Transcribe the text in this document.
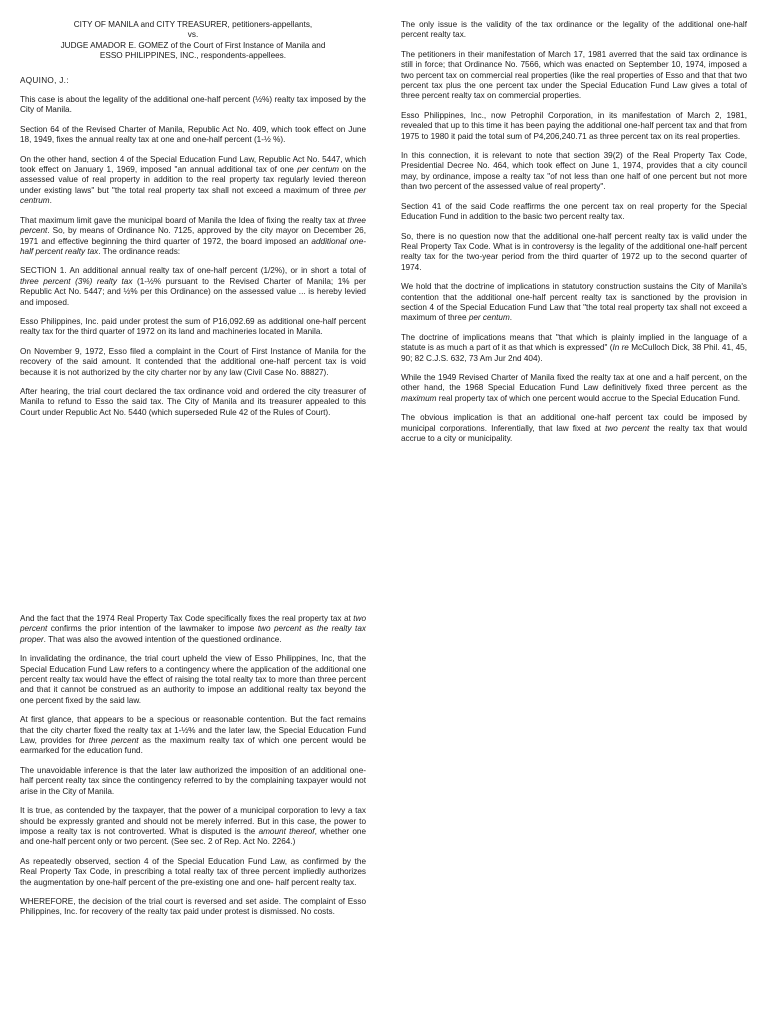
CITY OF MANILA and CITY TREASURER, petitioners-appellants,
vs.
JUDGE AMADOR E. GOMEZ of the Court of First Instance of Manila and
ESSO PHILIPPINES, INC., respondents-appellees.

AQUINO, J.:

This case is about the legality of the additional one-half percent (½%) realty tax imposed by the City of Manila.

Section 64 of the Revised Charter of Manila, Republic Act No. 409, which took effect on June 18, 1949, fixes the annual realty tax at one and one-half percent (1-½ %).

On the other hand, section 4 of the Special Education Fund Law, Republic Act No. 5447, which took effect on January 1, 1969, imposed "an annual additional tax of one per centum on the assessed value of real property in addition to the real property tax regularly levied thereon under existing laws" but "the total real property tax shall not exceed a maximum of three per centrum.

That maximum limit gave the municipal board of Manila the Idea of fixing the realty tax at three percent. So, by means of Ordinance No. 7125, approved by the city mayor on December 26, 1971 and effective beginning the third quarter of 1972, the board imposed an additional one-half percent realty tax. The ordinance reads:

SECTION 1. An additional annual realty tax of one-half percent (1/2%), or in short a total of three percent (3%) realty tax (1-½% pursuant to the Revised Charter of Manila; 1% per Republic Act No. 5447; and ½% per this Ordinance) on the assessed value ... is hereby levied and imposed.

Esso Philippines, Inc. paid under protest the sum of P16,092.69 as additional one-half percent realty tax for the third quarter of 1972 on its land and machineries located in Manila.

On November 9, 1972, Esso filed a complaint in the Court of First Instance of Manila for the recovery of the said amount. It contended that the additional one-half percent tax is void because it is not authorized by the city charter nor by any law (Civil Case No. 88827).

After hearing, the trial court declared the tax ordinance void and ordered the city treasurer of Manila to refund to Esso the said tax. The City of Manila and its treasurer appealed to this Court under Republic Act No. 5440 (which superseded Rule 42 of the Rules of Court).

The only issue is the validity of the tax ordinance or the legality of the additional one-half percent realty tax.

The petitioners in their manifestation of March 17, 1981 averred that the said tax ordinance is still in force; that Ordinance No. 7566, which was enacted on September 10, 1974, imposed a two percent tax on commercial real properties (like the real properties of Esso and that that two percent tax plus the one percent tax under the Special Education Fund Law gives a total of three percent realty tax on commercial properties.

Esso Philippines, Inc., now Petrophil Corporation, in its manifestation of March 2, 1981, revealed that up to this time it has been paying the additional one-half percent tax and that from 1975 to 1980 it paid the total sum of P4,206,240.71 as three percent tax on its real properties.

In this connection, it is relevant to note that section 39(2) of the Real Property Tax Code, Presidential Decree No. 464, which took effect on June 1, 1974, provides that a city council may, by ordinance, impose a realty tax "of not less than one half of one percent but not more than two percent of the assessed value of real property".

Section 41 of the said Code reaffirms the one percent tax on real property for the Special Education Fund in addition to the basic two percent realty tax.

So, there is no question now that the additional one-half percent realty tax is valid under the Real Property Tax Code. What is in controversy is the legality of the additional one-half percent realty tax for the two-year period from the third quarter of 1972 up to the second quarter of 1974.

We hold that the doctrine of implications in statutory construction sustains the City of Manila's contention that the additional one-half percent realty tax is sanctioned by the provision in section 4 of the Special Education Fund Law that "the total real property tax shall not exceed a maximum of three per centum.

The doctrine of implications means that "that which is plainly implied in the language of a statute is as much a part of it as that which is expressed" (In re McCulloch Dick, 38 Phil. 41, 45, 90; 82 C.J.S. 632, 73 Am Jur 2nd 404).

While the 1949 Revised Charter of Manila fixed the realty tax at one and a half percent, on the other hand, the 1968 Special Education Fund Law definitively fixed three percent as the maximum real property tax of which one percent would accrue to the Special Education Fund.

The obvious implication is that an additional one-half percent tax could be imposed by municipal corporations. Inferentially, that law fixed at two percent the realty tax that would accrue to a city or municipality.

And the fact that the 1974 Real Property Tax Code specifically fixes the real property tax at two percent confirms the prior intention of the lawmaker to impose two percent as the realty tax proper. That was also the avowed intention of the questioned ordinance.

In invalidating the ordinance, the trial court upheld the view of Esso Philippines, Inc, that the Special Education Fund Law refers to a contingency where the application of the additional one percent realty tax would have the effect of raising the total realty tax to more than three percent and that it cannot be construed as an authority to impose an additional realty tax beyond the one percent fixed by the said law.

At first glance, that appears to be a specious or reasonable contention. But the fact remains that the city charter fixed the realty tax at 1-½% and the later law, the Special Education Fund Law, provides for three percent as the maximum realty tax of which one percent would be earmarked for the education fund.

The unavoidable inference is that the later law authorized the imposition of an additional one-half percent realty tax since the contingency referred to by the complaining taxpayer would not arise in the City of Manila.

It is true, as contended by the taxpayer, that the power of a municipal corporation to levy a tax should be expressly granted and should not be merely inferred. But in this case, the power to impose a realty tax is not controverted. What is disputed is the amount thereof, whether one and one-half percent only or two percent. (See sec. 2 of Rep. Act No. 2264.)

As repeatedly observed, section 4 of the Special Education Fund Law, as confirmed by the Real Property Tax Code, in prescribing a total realty tax of three percent impliedly authorizes the augmentation by one-half percent of the pre-existing one and one- half percent realty tax.

WHEREFORE, the decision of the trial court is reversed and set aside. The complaint of Esso Philippines, Inc. for recovery of the realty tax paid under protest is dismissed. No costs.
